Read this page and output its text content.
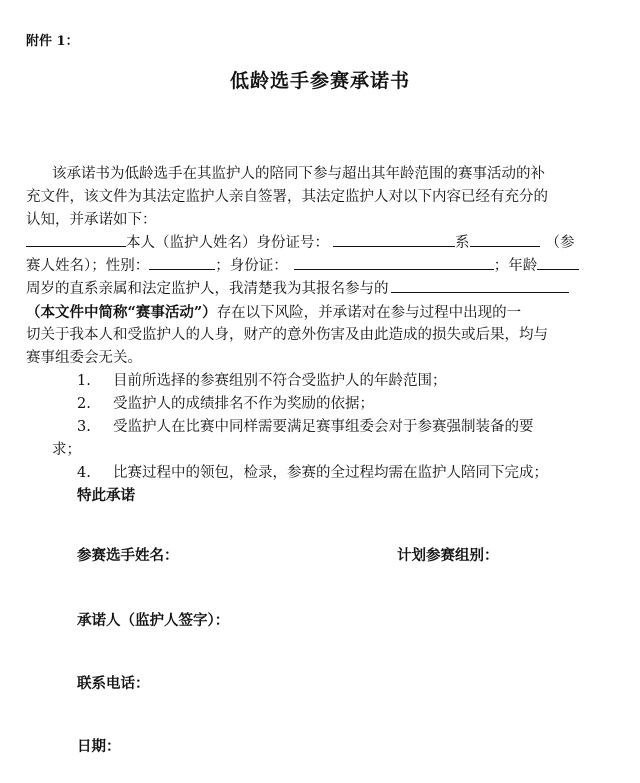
附件 1：
低龄选手参赛承诺书
该承诺书为低龄选手在其监护人的陪同下参与超出其年龄范围的赛事活动的补
充文件，该文件为其法定监护人亲自签署，其法定监护人对以下内容已经有充分的
认知，并承诺如下：
本人（监护人姓名）身份证号：	系	（参
赛人姓名）；性别：	；身份证：	；年龄
周岁的直系亲属和法定监护人，我清楚我为其报名参与的
（本文件中简称“赛事活动”）存在以下风险，并承诺对在参与过程中出现的一
切关于我本人和受监护人的人身，财产的意外伤害及由此造成的损失或后果，均与
赛事组委会无关。
1. 目前所选择的参赛组别不符合受监护人的年龄范围；
2. 受监护人的成绩排名不作为奖励的依据；
3. 受监护人在比赛中同样需要满足赛事组委会对于参赛强制装备的要
求；
4. 比赛过程中的领包，检录，参赛的全过程均需在监护人陪同下完成；
特此承诺
参赛选手姓名：	计划参赛组别：
承诺人（监护人签字）：
联系电话：
日期：
